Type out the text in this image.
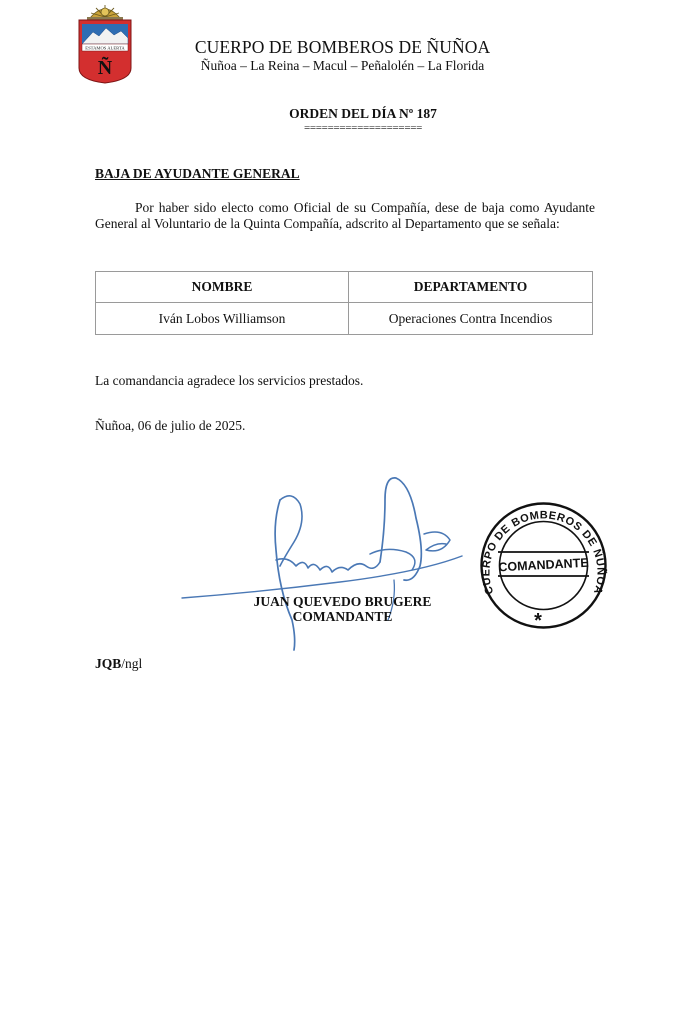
ESTAMOS ALERTA
Ñ
CUERPO DE BOMBEROS DE ÑUÑOA
Ñuñoa – La Reina – Macul – Peñalolén – La Florida
ORDEN DEL DÍA Nº 187
====================
BAJA DE AYUDANTE GENERAL
Por haber sido electo como Oficial de su Compañía, dese de baja como Ayudante General al Voluntario de la Quinta Compañía, adscrito al Departamento que se señala:
NOMBRE	DEPARTAMENTO
Iván Lobos Williamson	Operaciones Contra Incendios
La comandancia agradece los servicios prestados.
Ñuñoa, 06 de julio de 2025.
JUAN QUEVEDO BRUGERE
COMANDANTE
CUERPO DE BOMBEROS DE ÑUÑOA
COMANDANTE
*
JQB/ngl
